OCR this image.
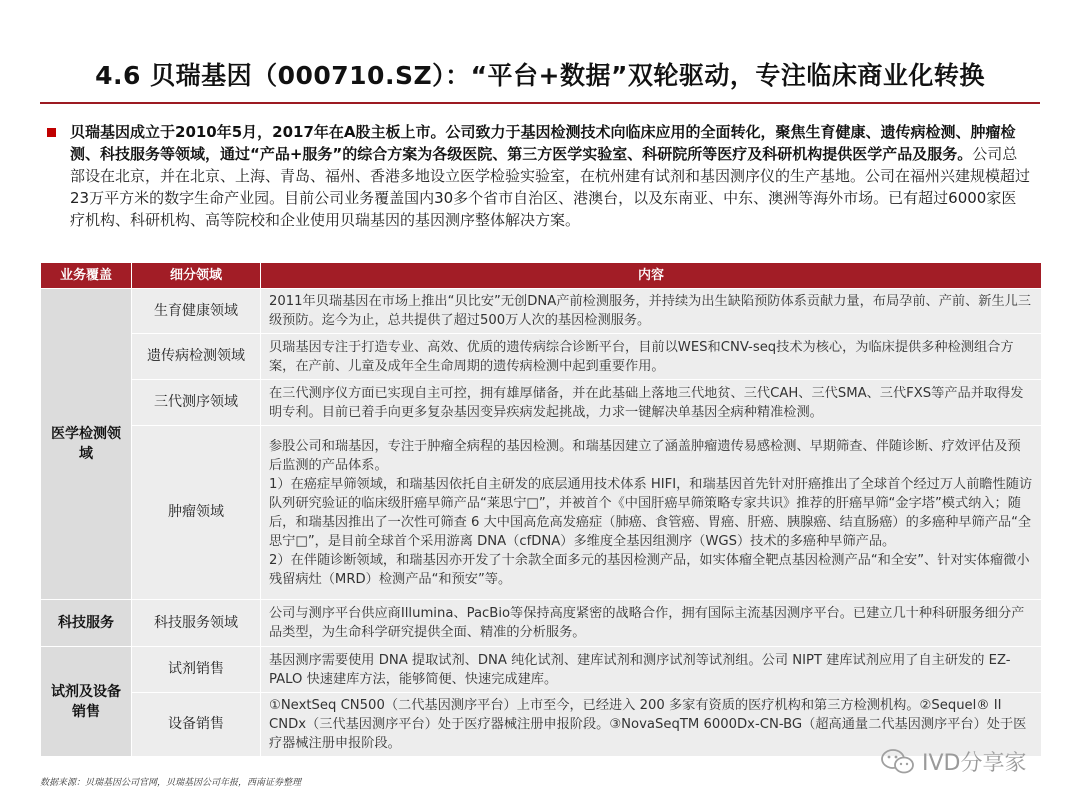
4.6 贝瑞基因（000710.SZ）：“平台+数据”双轮驱动，专注临床商业化转换
贝瑞基因成立于2010年5月，2017年在A股主板上市。公司致力于基因检测技术向临床应用的全面转化，聚焦生育健康、遗传病检测、肿瘤检测、科技服务等领域，通过“产品+服务”的综合方案为各级医院、第三方医学实验室、科研院所等医疗及科研机构提供医学产品及服务。公司总部设在北京，并在北京、上海、青岛、福州、香港多地设立医学检验实验室，在杭州建有试剂和基因测序仪的生产基地。公司在福州兴建规模超过23万平方米的数字生命产业园。目前公司业务覆盖国内30多个省市自治区、港澳台，以及东南亚、中东、澳洲等海外市场。已有超过6000家医疗机构、科研机构、高等院校和企业使用贝瑞基因的基因测序整体解决方案。
业务覆盖	细分领域	内容
医学检测领域	生育健康领域	2011年贝瑞基因在市场上推出“贝比安”无创DNA产前检测服务，并持续为出生缺陷预防体系贡献力量，布局孕前、产前、新生儿三级预防。迄今为止，总共提供了超过500万人次的基因检测服务。

	遗传病检测领域	贝瑞基因专注于打造专业、高效、优质的遗传病综合诊断平台，目前以WES和CNV-seq技术为核心，为临床提供多种检测组合方案，在产前、儿童及成年全生命周期的遗传病检测中起到重要作用。

	三代测序领域	在三代测序仪方面已实现自主可控，拥有雄厚储备，并在此基础上落地三代地贫、三代CAH、三代SMA、三代FXS等产品并取得发明专利。目前已着手向更多复杂基因变异疾病发起挑战，力求一键解决单基因全病种精准检测。

	肿瘤领域	参股公司和瑞基因，专注于肿瘤全病程的基因检测。和瑞基因建立了涵盖肿瘤遗传易感检测、早期筛查、伴随诊断、疗效评估及预后监测的产品体系。
1）在癌症早筛领域，和瑞基因依托自主研发的底层通用技术体系 HIFI，和瑞基因首先针对肝癌推出了全球首个经过万人前瞻性随访队列研究验证的临床级肝癌早筛产品“莱思宁□”，并被首个《中国肝癌早筛策略专家共识》推荐的肝癌早筛“金字塔”模式纳入；随后，和瑞基因推出了一次性可筛查 6 大中国高危高发癌症（肺癌、食管癌、胃癌、肝癌、胰腺癌、结直肠癌）的多癌种早筛产品“全思宁□”，是目前全球首个采用游离 DNA（cfDNA）多维度全基因组测序（WGS）技术的多癌种早筛产品。
2）在伴随诊断领域，和瑞基因亦开发了十余款全面多元的基因检测产品，如实体瘤全靶点基因检测产品“和全安”、针对实体瘤微小残留病灶（MRD）检测产品“和预安”等。

科技服务	科技服务领域	公司与测序平台供应商Illumina、PacBio等保持高度紧密的战略合作，拥有国际主流基因测序平台。已建立几十种科研服务细分产品类型，为生命科学研究提供全面、精准的分析服务。

试剂及设备销售	试剂销售	基因测序需要使用 DNA 提取试剂、DNA 纯化试剂、建库试剂和测序试剂等试剂组。公司 NIPT 建库试剂应用了自主研发的 EZ-PALO 快速建库方法，能够简便、快速完成建库。

	设备销售	①NextSeq CN500（二代基因测序平台）上市至今，已经进入 200 多家有资质的医疗机构和第三方检测机构。②Sequel® II CNDx（三代基因测序平台）处于医疗器械注册申报阶段。③NovaSeqTM 6000Dx-CN-BG（超高通量二代基因测序平台）处于医疗器械注册申报阶段。
数据来源：贝瑞基因公司官网，贝瑞基因公司年报，西南证券整理
IVD分享家
